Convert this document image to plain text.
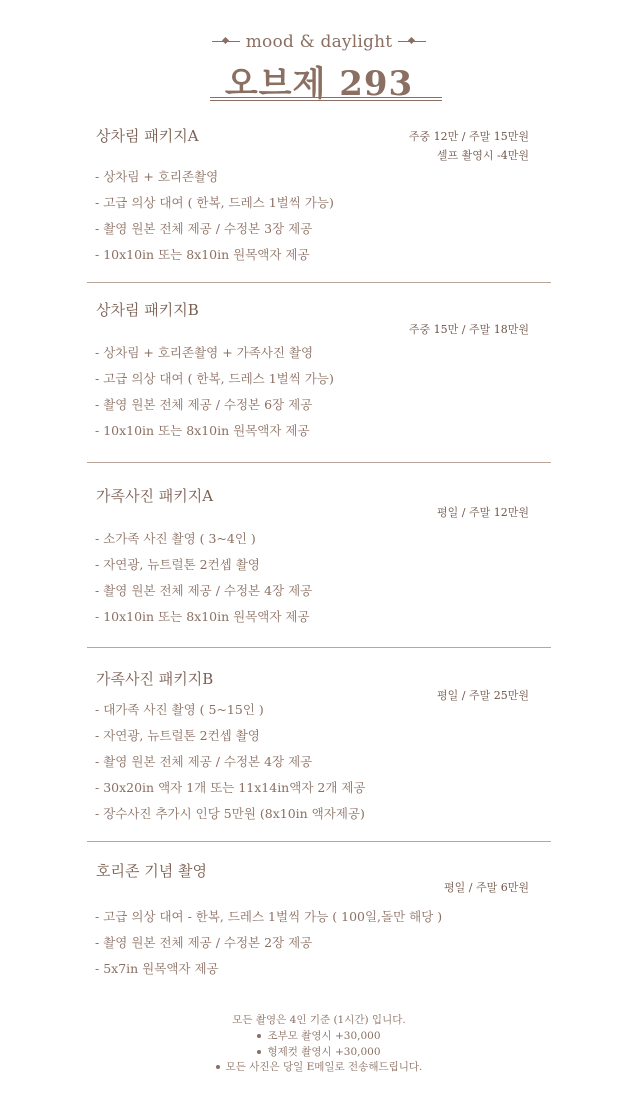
mood & daylight
오브제 293
상차림 패키지A	주중 12만 / 주말 15만원
셀프 촬영시 -4만원
- 상차림 + 호리존촬영
- 고급 의상 대여 ( 한복, 드레스 1벌씩 가능)
- 촬영 원본 전체 제공 / 수정본 3장 제공
- 10x10in 또는 8x10in 원목액자 제공
상차림 패키지B
주중 15만 / 주말 18만원
- 상차림 + 호리존촬영 + 가족사진 촬영
- 고급 의상 대여 ( 한복, 드레스 1벌씩 가능)
- 촬영 원본 전체 제공 / 수정본 6장 제공
- 10x10in 또는 8x10in 원목액자 제공
가족사진 패키지A
평일 / 주말 12만원
- 소가족 사진 촬영 ( 3~4인 )
- 자연광, 뉴트럴톤 2컨셉 촬영
- 촬영 원본 전체 제공 / 수정본 4장 제공
- 10x10in 또는 8x10in 원목액자 제공
가족사진 패키지B
평일 / 주말 25만원
- 대가족 사진 촬영 ( 5~15인 )
- 자연광, 뉴트럴톤 2컨셉 촬영
- 촬영 원본 전체 제공 / 수정본 4장 제공
- 30x20in 액자 1개 또는 11x14in액자 2개 제공
- 장수사진 추가시 인당 5만원 (8x10in 액자제공)
호리존 기념 촬영
평일 / 주말 6만원
- 고급 의상 대여 - 한복, 드레스 1벌씩 가능 ( 100일,돌만 해당 )
- 촬영 원본 전체 제공 / 수정본 2장 제공
- 5x7in 원목액자 제공
모든 촬영은 4인 기준 (1시간) 입니다.
조부모 촬영시 +30,000
형제컷 촬영시 +30,000
모든 사진은 당일 E메일로 전송해드립니다.
